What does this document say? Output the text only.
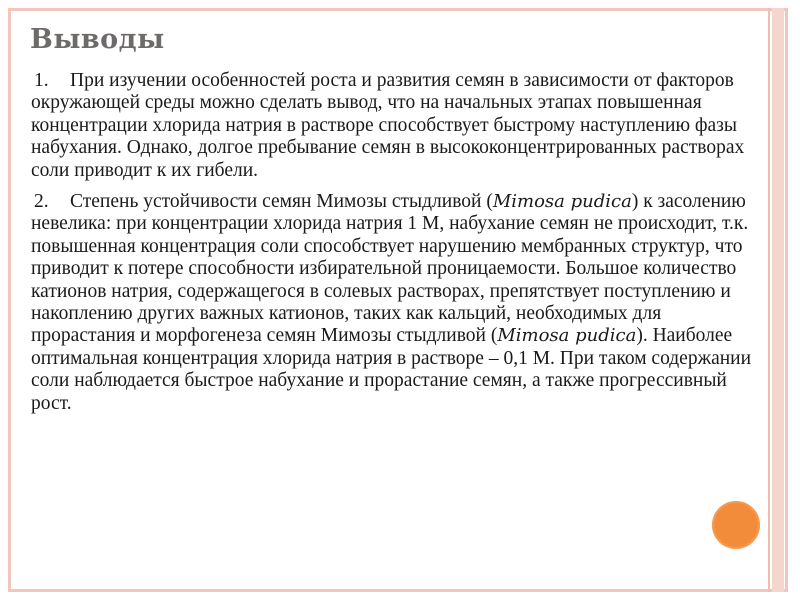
Выводы

1. При изучении особенностей роста и развития семян в зависимости от факторов окружающей среды можно сделать вывод, что на начальных этапах повышенная концентрации хлорида натрия в растворе способствует быстрому наступлению фазы набухания. Однако, долгое пребывание семян в высококонцентрированных растворах соли приводит к их гибели.

2. Степень устойчивости семян Мимозы стыдливой (Mimosa pudica) к засолению невелика: при концентрации хлорида натрия 1 М, набухание семян не происходит, т.к. повышенная концентрация соли способствует нарушению мембранных структур, что приводит к потере способности избирательной проницаемости. Большое количество катионов натрия, содержащегося в солевых растворах, препятствует поступлению и накоплению других важных катионов, таких как кальций, необходимых для прорастания и морфогенеза семян Мимозы стыдливой (Mimosa pudica). Наиболее оптимальная концентрация хлорида натрия в растворе – 0,1 М. При таком содержании соли наблюдается быстрое набухание и прорастание семян, а также прогрессивный рост.
